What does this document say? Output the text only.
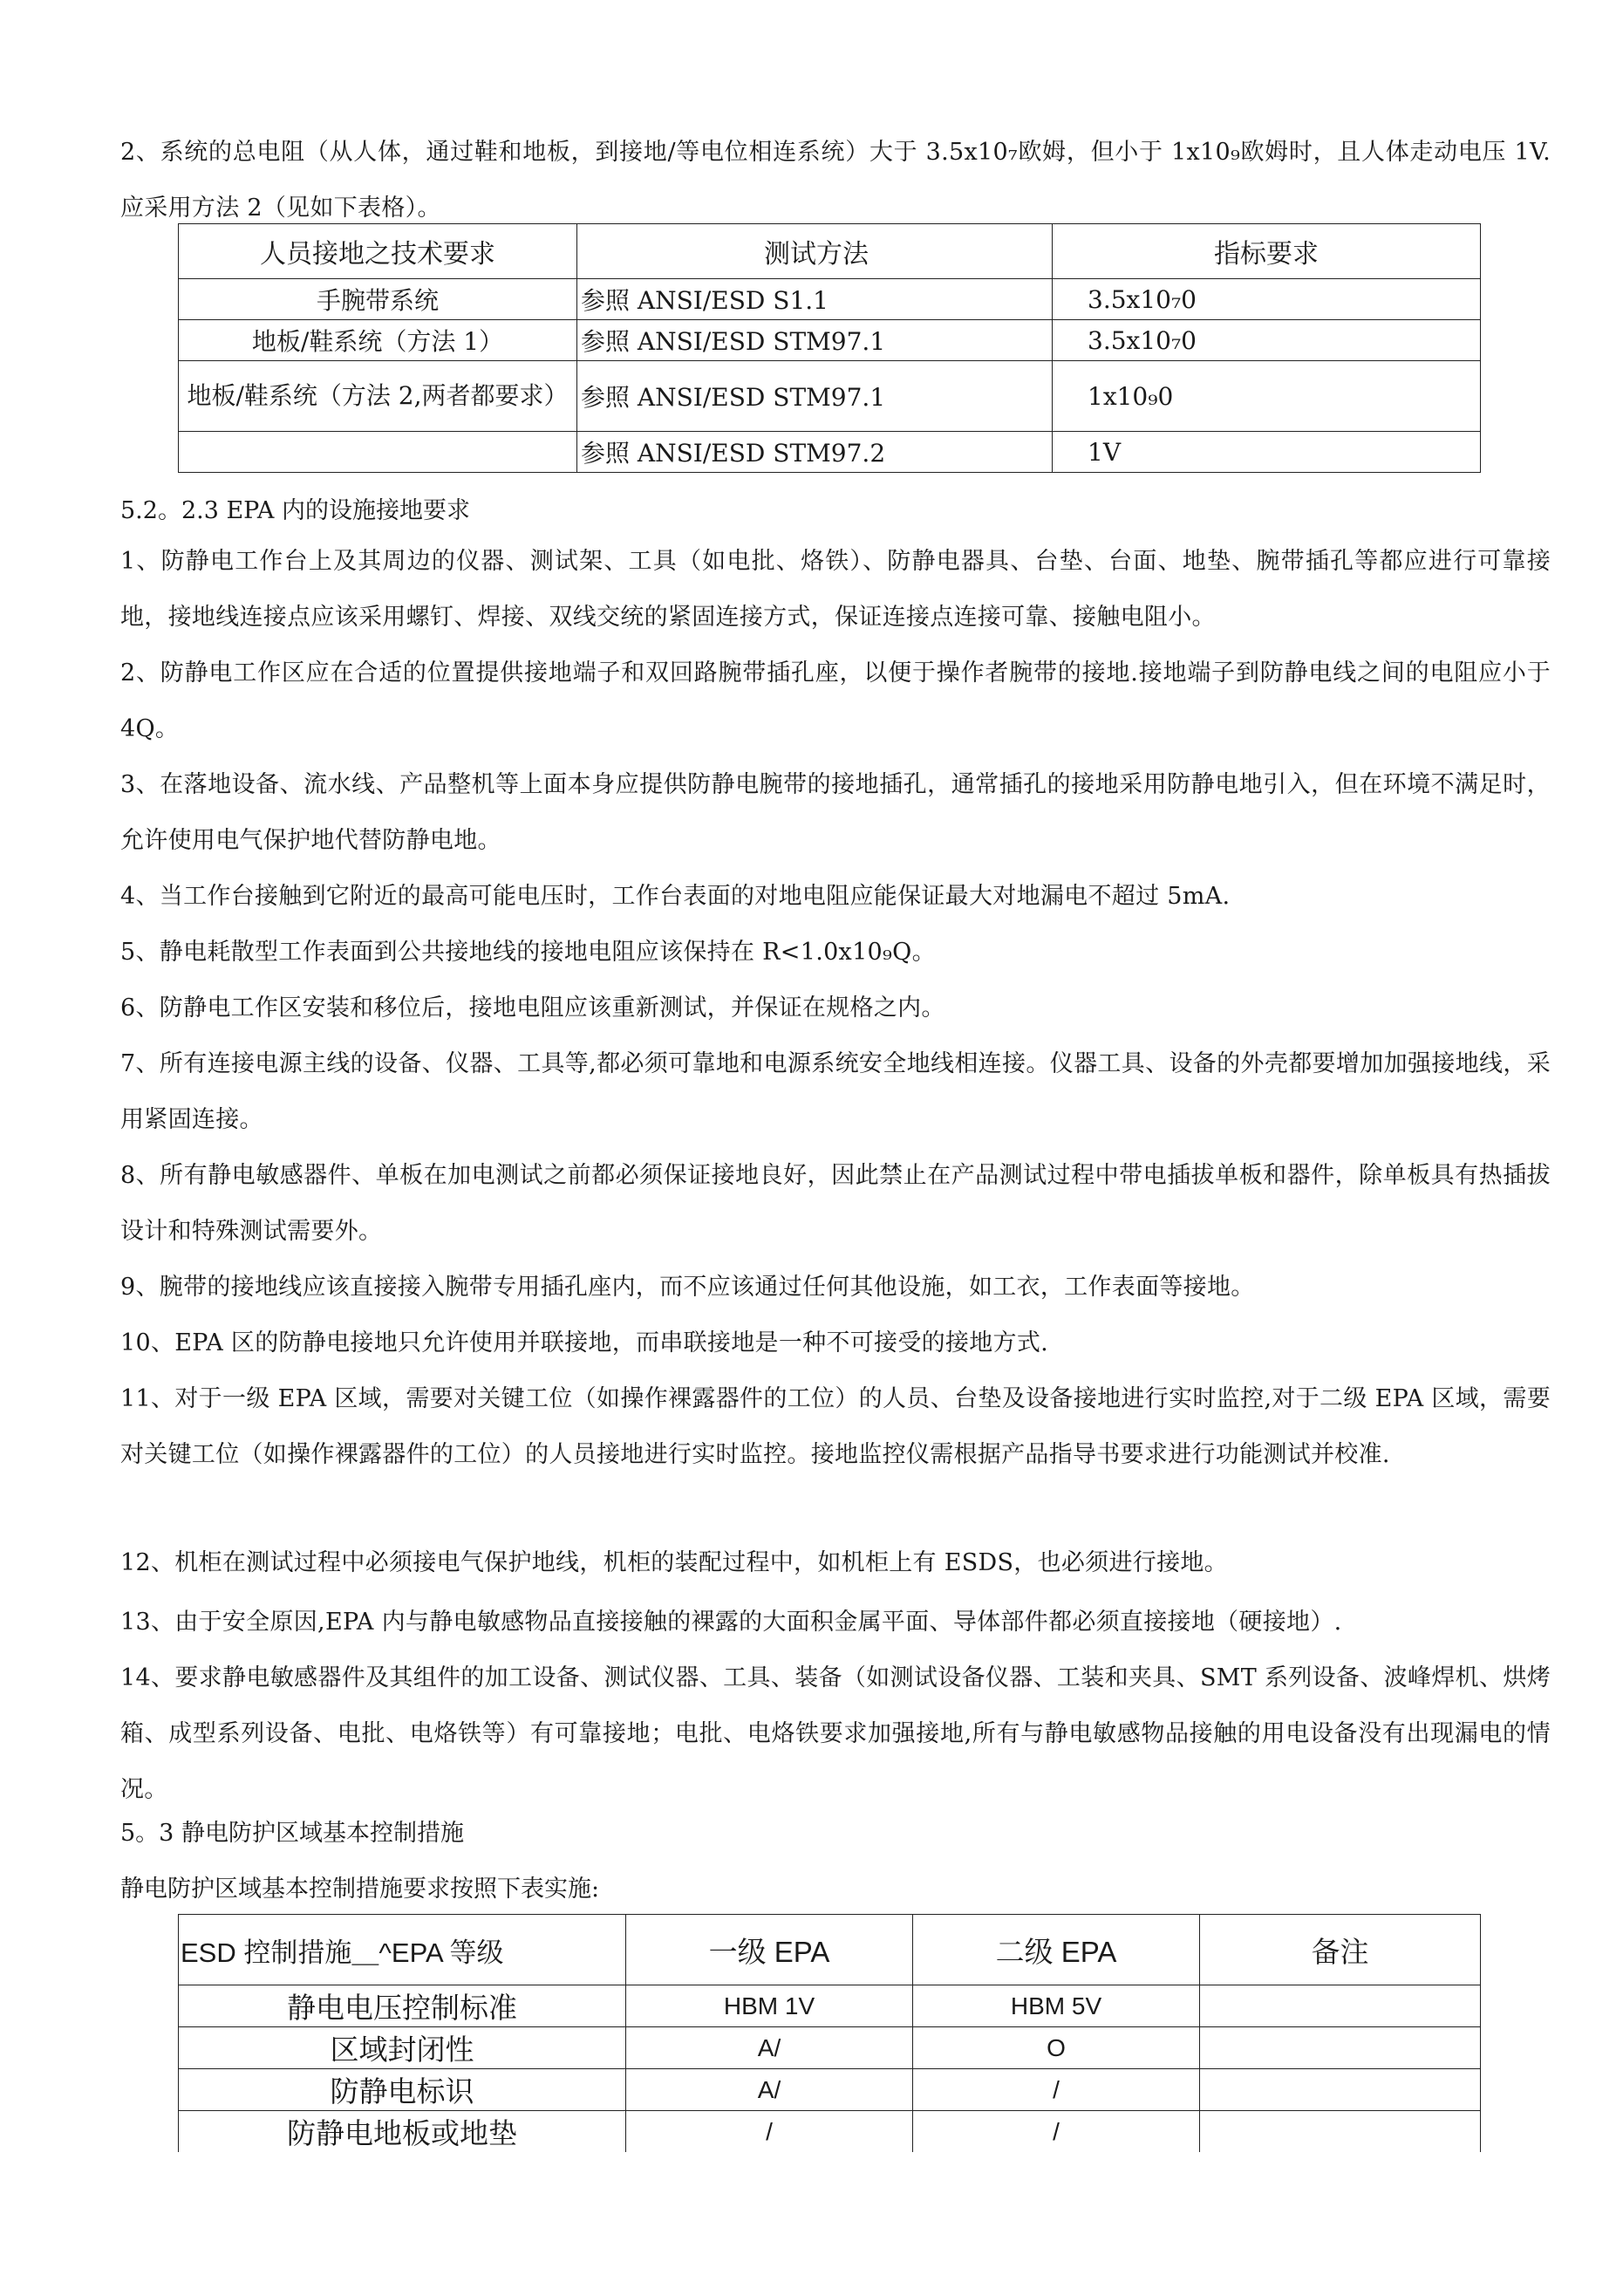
2、系统的总电阻（从人体，通过鞋和地板，到接地/等电位相连系统）大于 3.5x10₇欧姆，但小于 1x10₉欧姆时，且人体走动电压 1V.应采用方法 2（见如下表格）。

人员接地之技术要求	测试方法	指标要求
手腕带系统	参照 ANSI/ESD S1.1	3.5x10₇0
地板/鞋系统（方法 1）	参照 ANSI/ESD STM97.1	3.5x10₇0
地板/鞋系统（方法 2,两者都要求）	参照 ANSI/ESD STM97.1	1x10₉0
	参照 ANSI/ESD STM97.2	1V

5.2。2.3 EPA 内的设施接地要求

1、防静电工作台上及其周边的仪器、测试架、工具（如电批、烙铁）、防静电器具、台垫、台面、地垫、腕带插孔等都应进行可靠接地，接地线连接点应该采用螺钉、焊接、双线交统的紧固连接方式，保证连接点连接可靠、接触电阻小。

2、防静电工作区应在合适的位置提供接地端子和双回路腕带插孔座，以便于操作者腕带的接地.接地端子到防静电线之间的电阻应小于 4Q。

3、在落地设备、流水线、产品整机等上面本身应提供防静电腕带的接地插孔，通常插孔的接地采用防静电地引入，但在环境不满足时，允许使用电气保护地代替防静电地。

4、当工作台接触到它附近的最高可能电压时，工作台表面的对地电阻应能保证最大对地漏电不超过 5mA.

5、静电耗散型工作表面到公共接地线的接地电阻应该保持在 R<1.0x10₉Q。

6、防静电工作区安装和移位后，接地电阻应该重新测试，并保证在规格之内。

7、所有连接电源主线的设备、仪器、工具等,都必须可靠地和电源系统安全地线相连接。仪器工具、设备的外壳都要增加加强接地线，采用紧固连接。

8、所有静电敏感器件、单板在加电测试之前都必须保证接地良好，因此禁止在产品测试过程中带电插拔单板和器件，除单板具有热插拔设计和特殊测试需要外。

9、腕带的接地线应该直接接入腕带专用插孔座内，而不应该通过任何其他设施，如工衣，工作表面等接地。

10、EPA 区的防静电接地只允许使用并联接地，而串联接地是一种不可接受的接地方式.

11、对于一级 EPA 区域，需要对关键工位（如操作裸露器件的工位）的人员、台垫及设备接地进行实时监控,对于二级 EPA 区域，需要对关键工位（如操作裸露器件的工位）的人员接地进行实时监控。接地监控仪需根据产品指导书要求进行功能测试并校准.

12、机柜在测试过程中必须接电气保护地线，机柜的装配过程中，如机柜上有 ESDS，也必须进行接地。

13、由于安全原因,EPA 内与静电敏感物品直接接触的裸露的大面积金属平面、导体部件都必须直接接地（硬接地）.

14、要求静电敏感器件及其组件的加工设备、测试仪器、工具、装备（如测试设备仪器、工装和夹具、SMT 系列设备、波峰焊机、烘烤箱、成型系列设备、电批、电烙铁等）有可靠接地；电批、电烙铁要求加强接地,所有与静电敏感物品接触的用电设备没有出现漏电的情况。

5。3 静电防护区域基本控制措施

静电防护区域基本控制措施要求按照下表实施:

ESD 控制措施＿^EPA 等级	一级 EPA	二级 EPA	备注
静电电压控制标准	HBM 1V	HBM 5V	
区域封闭性	A/	O	
防静电标识	A/	/	
防静电地板或地垫	/	/	
